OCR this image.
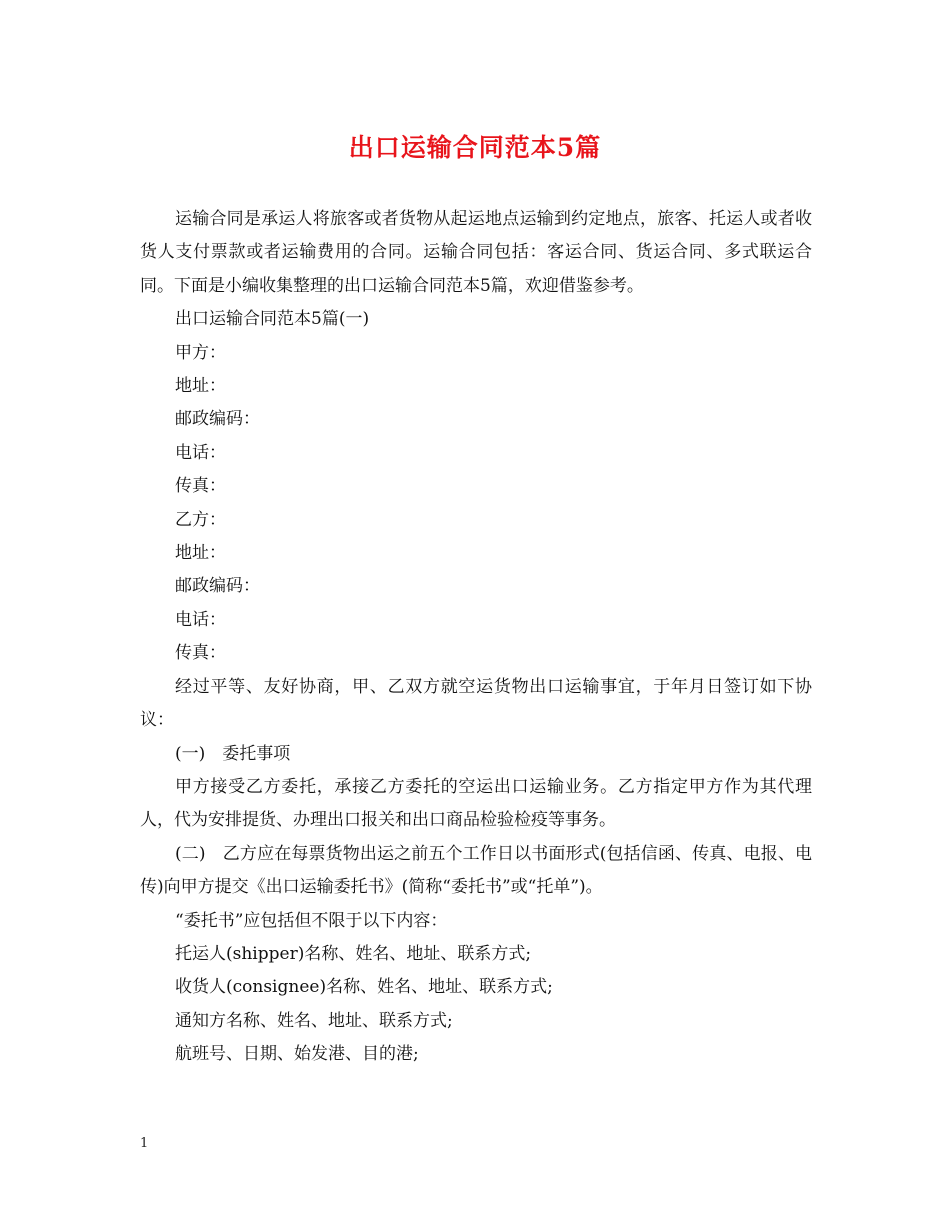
出口运输合同范本5篇

运输合同是承运人将旅客或者货物从起运地点运输到约定地点，旅客、托运人或者收货人支付票款或者运输费用的合同。运输合同包括：客运合同、货运合同、多式联运合同。下面是小编收集整理的出口运输合同范本5篇，欢迎借鉴参考。

出口运输合同范本5篇(一)

甲方：

地址：

邮政编码：

电话：

传真：

乙方：

地址：

邮政编码：

电话：

传真：

经过平等、友好协商，甲、乙双方就空运货物出口运输事宜，于年月日签订如下协议：

(一)　委托事项

甲方接受乙方委托，承接乙方委托的空运出口运输业务。乙方指定甲方作为其代理人，代为安排提货、办理出口报关和出口商品检验检疫等事务。

(二)　乙方应在每票货物出运之前五个工作日以书面形式(包括信函、传真、电报、电传)向甲方提交《出口运输委托书》(简称“委托书”或“托单”)。

“委托书”应包括但不限于以下内容：

托运人(shipper)名称、姓名、地址、联系方式;

收货人(consignee)名称、姓名、地址、联系方式;

通知方名称、姓名、地址、联系方式;

航班号、日期、始发港、目的港;

1
